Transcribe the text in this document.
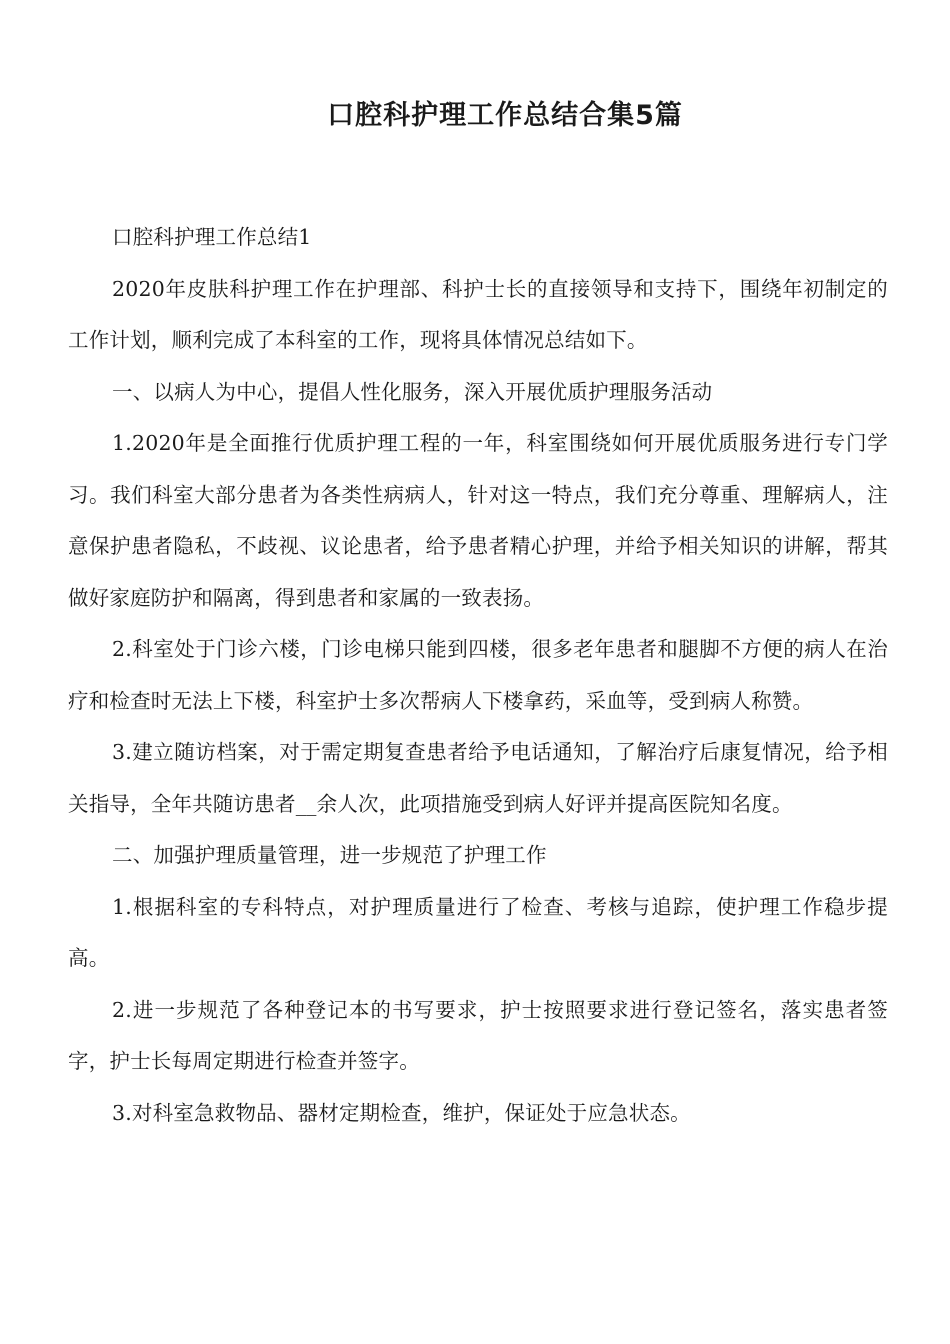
口腔科护理工作总结合集5篇

口腔科护理工作总结1

2020年皮肤科护理工作在护理部、科护士长的直接领导和支持下，围绕年初制定的工作计划，顺利完成了本科室的工作，现将具体情况总结如下。

一、以病人为中心，提倡人性化服务，深入开展优质护理服务活动

1.2020年是全面推行优质护理工程的一年，科室围绕如何开展优质服务进行专门学习。我们科室大部分患者为各类性病病人，针对这一特点，我们充分尊重、理解病人，注意保护患者隐私，不歧视、议论患者，给予患者精心护理，并给予相关知识的讲解，帮其做好家庭防护和隔离，得到患者和家属的一致表扬。

2.科室处于门诊六楼，门诊电梯只能到四楼，很多老年患者和腿脚不方便的病人在治疗和检查时无法上下楼，科室护士多次帮病人下楼拿药，采血等，受到病人称赞。

3.建立随访档案，对于需定期复查患者给予电话通知，了解治疗后康复情况，给予相关指导，全年共随访患者__余人次，此项措施受到病人好评并提高医院知名度。

二、加强护理质量管理，进一步规范了护理工作

1.根据科室的专科特点，对护理质量进行了检查、考核与追踪，使护理工作稳步提高。

2.进一步规范了各种登记本的书写要求，护士按照要求进行登记签名，落实患者签字，护士长每周定期进行检查并签字。

3.对科室急救物品、器材定期检查，维护，保证处于应急状态。
